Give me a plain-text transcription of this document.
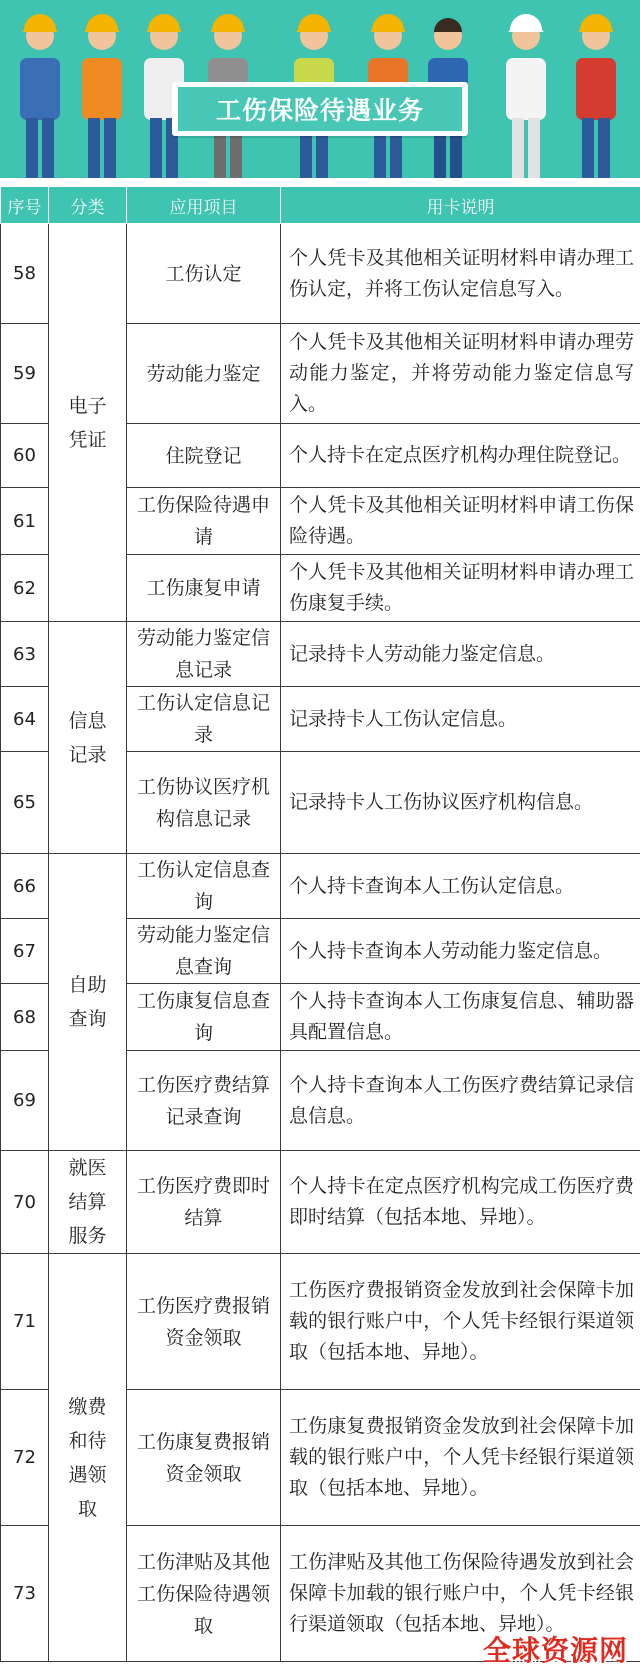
工伤保险待遇业务
序号	分类	应用项目	用卡说明
58	电子凭证	工伤认定	个人凭卡及其他相关证明材料申请办理工伤认定，并将工伤认定信息写入。
59		劳动能力鉴定	个人凭卡及其他相关证明材料申请办理劳动能力鉴定，并将劳动能力鉴定信息写入。
60		住院登记	个人持卡在定点医疗机构办理住院登记。
61		工伤保险待遇申请	个人凭卡及其他相关证明材料申请工伤保险待遇。
62		工伤康复申请	个人凭卡及其他相关证明材料申请办理工伤康复手续。
63	信息记录	劳动能力鉴定信息记录	记录持卡人劳动能力鉴定信息。
64		工伤认定信息记录	记录持卡人工伤认定信息。
65		工伤协议医疗机构信息记录	记录持卡人工伤协议医疗机构信息。
66	自助查询	工伤认定信息查询	个人持卡查询本人工伤认定信息。
67		劳动能力鉴定信息查询	个人持卡查询本人劳动能力鉴定信息。
68		工伤康复信息查询	个人持卡查询本人工伤康复信息、辅助器具配置信息。
69		工伤医疗费结算记录查询	个人持卡查询本人工伤医疗费结算记录信息信息。
70	就医结算服务	工伤医疗费即时结算	个人持卡在定点医疗机构完成工伤医疗费即时结算（包括本地、异地）。
71	缴费和待遇领取	工伤医疗费报销资金领取	工伤医疗费报销资金发放到社会保障卡加载的银行账户中，个人凭卡经银行渠道领取（包括本地、异地）。
72		工伤康复费报销资金领取	工伤康复费报销资金发放到社会保障卡加载的银行账户中，个人凭卡经银行渠道领取（包括本地、异地）。
73		工伤津贴及其他工伤保险待遇领取	工伤津贴及其他工伤保险待遇发放到社会保障卡加载的银行账户中，个人凭卡经银行渠道领取（包括本地、异地）。
全球资源网
